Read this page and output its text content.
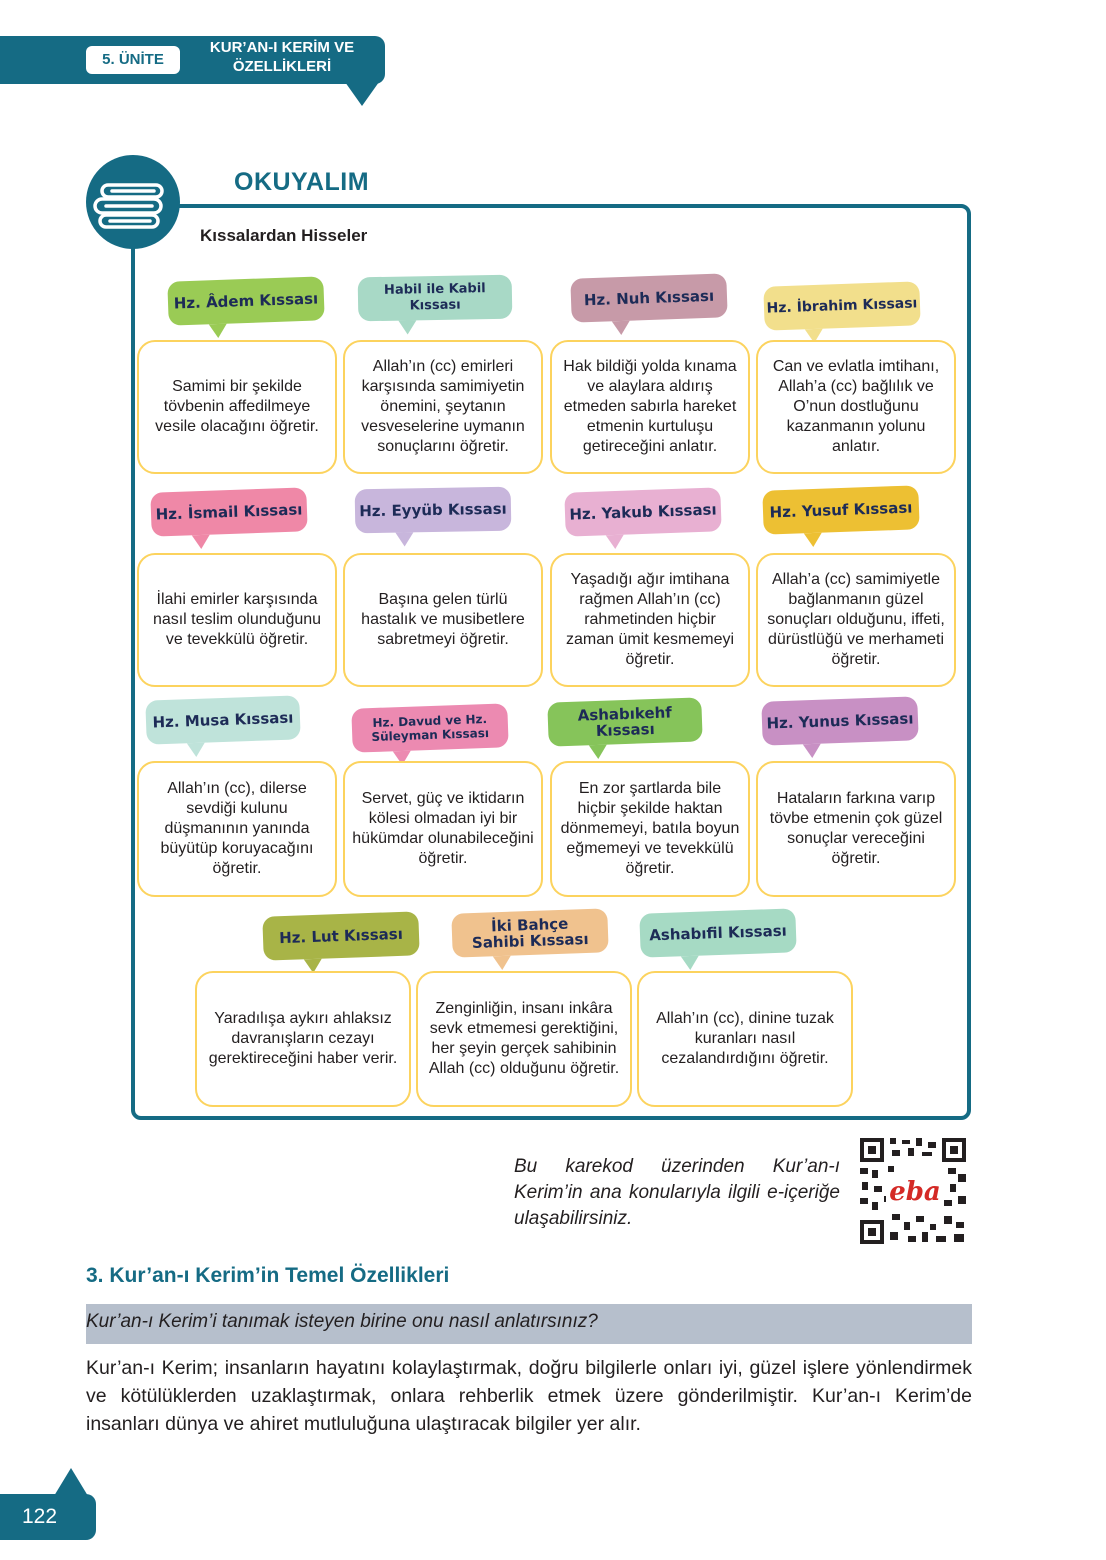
5. ÜNİTE
KUR’AN-I KERİM VE ÖZELLİKLERİ
OKUYALIM
Kıssalardan Hisseler
Hz. Âdem Kıssası
Samimi bir şekilde tövbenin affedilmeye vesile olacağını öğretir.
Habil ile Kabil Kıssası
Allah’ın (cc) emirleri karşısında samimiyetin önemini, şeytanın vesveselerine uymanın sonuçlarını öğretir.
Hz. Nuh Kıssası
Hak bildiği yolda kınama ve alaylara aldırış etmeden sabırla hareket etmenin kurtuluşu getireceğini anlatır.
Hz. İbrahim Kıssası
Can ve evlatla imtihanı, Allah’a (cc) bağlılık ve O’nun dostluğunu kazanmanın yolunu anlatır.
Hz. İsmail Kıssası
İlahi emirler karşısında nasıl teslim olunduğunu ve tevekkülü öğretir.
Hz. Eyyüb Kıssası
Başına gelen türlü hastalık ve musibetlere sabretmeyi öğretir.
Hz. Yakub Kıssası
Yaşadığı ağır imtihana rağmen Allah’ın (cc) rahmetinden hiçbir zaman ümit kesmemeyi öğretir.
Hz. Yusuf Kıssası
Allah’a (cc) samimiyetle bağlanmanın güzel sonuçları olduğunu, iffeti, dürüstlüğü ve merhameti öğretir.
Hz. Musa Kıssası
Allah’ın (cc), dilerse sevdiği kulunu düşmanının yanında büyütüp koruyacağını öğretir.
Hz. Davud ve Hz. Süleyman Kıssası
Servet, güç ve iktidarın kölesi olmadan iyi bir hükümdar olunabileceğini öğretir.
Ashabıkehf Kıssası
En zor şartlarda bile hiçbir şekilde haktan dönmemeyi, batıla boyun eğmemeyi ve tevekkülü öğretir.
Hz. Yunus Kıssası
Hataların farkına varıp tövbe etmenin çok güzel sonuçlar vereceğini öğretir.
Hz. Lut Kıssası
Yaradılışa aykırı ahlaksız davranışların cezayı gerektireceğini haber verir.
İki Bahçe Sahibi Kıssası
Zenginliğin, insanı inkâra sevk etmemesi gerektiğini, her şeyin gerçek sahibinin Allah (cc) olduğunu öğretir.
Ashabıfil Kıssası
Allah’ın (cc), dinine tuzak kuranları nasıl cezalandırdığını öğretir.
Bu karekod üzerinden Kur’an-ı Kerim’in ana konularıyla ilgili e-içeriğe ulaşabilirsiniz.
eba
3. Kur’an-ı Kerim’in Temel Özellikleri
Kur’an-ı Kerim’i tanımak isteyen birine onu nasıl anlatırsınız?
Kur’an-ı Kerim; insanların hayatını kolaylaştırmak, doğru bilgilerle onları iyi, güzel işlere yönlendirmek ve kötülüklerden uzaklaştırmak, onlara rehberlik etmek üzere gönderilmiştir. Kur’an-ı Kerim’de insanları dünya ve ahiret mutluluğuna ulaştıracak bilgiler yer alır.
122
